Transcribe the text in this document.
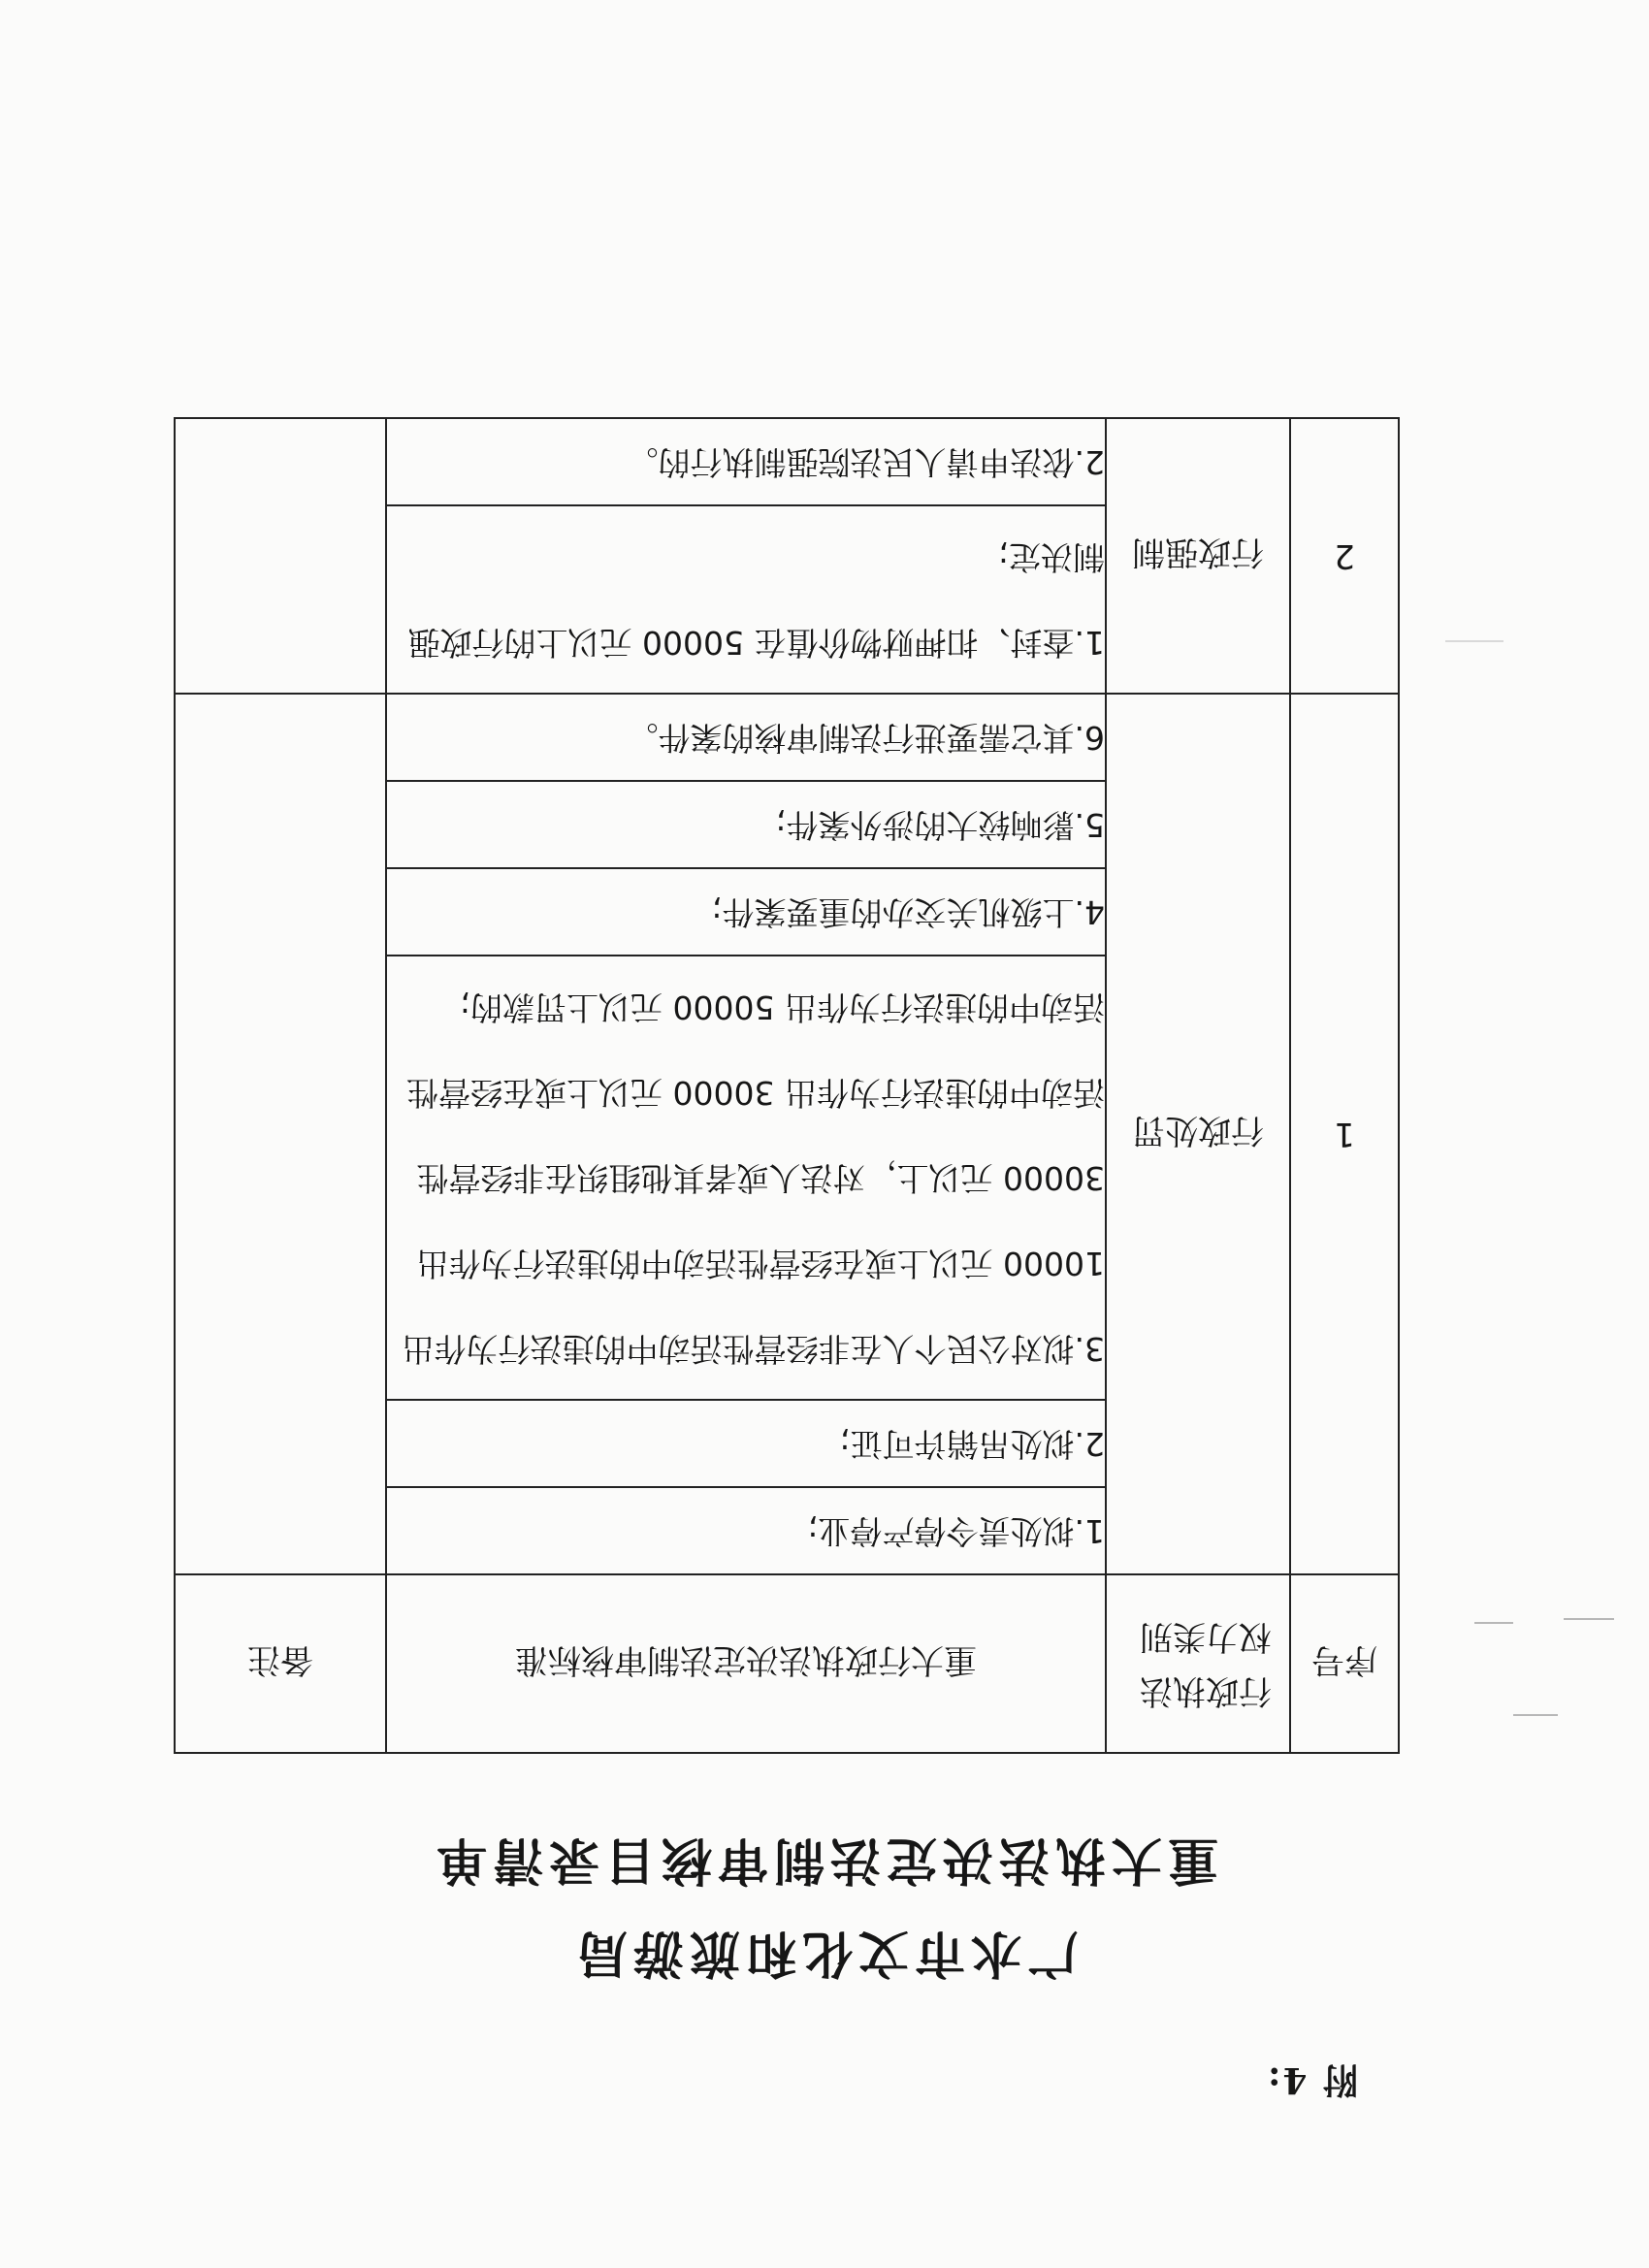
附 4:
广水市文化和旅游局
重大执法决定法制审核目录清单
序号	行政执法权力类别	重大行政执法决定法制审核标准	备注
1	行政处罚	1.拟处责令停产停业;	
		2.拟处吊销许可证;	
		3.拟对公民个人在非经营性活动中的违法行为作出 10000 元以上或在经营性活动中的违法行为作出 30000 元以上，对法人或者其他组织在非经营性活动中的违法行为作出 30000 元以上或在经营性活动中的违法行为作出 50000 元以上罚款的;	
		4.上级机关交办的重要案件;	
		5.影响较大的涉外案件;	
		6.其它需要进行法制审核的案件。	
2	行政强制	1.查封、扣押财物价值在 50000 元以上的行政强制决定;	
		2.依法申请人民法院强制执行的。	
